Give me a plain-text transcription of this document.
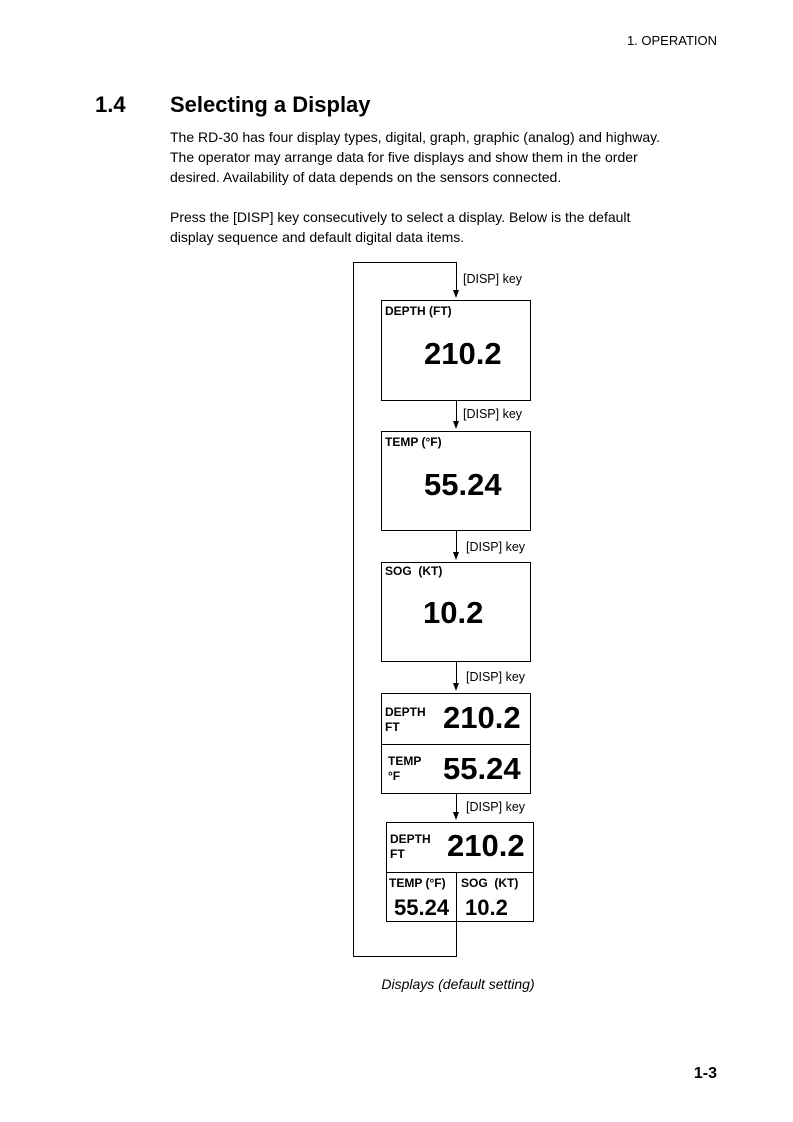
1. OPERATION
1.4 Selecting a Display
The RD-30 has four display types, digital, graph, graphic (analog) and highway.
The operator may arrange data for five displays and show them in the order
desired. Availability of data depends on the sensors connected.
Press the [DISP] key consecutively to select a display. Below is the default
display sequence and default digital data items.
[DISP] key
DEPTH (FT)
210.2
[DISP] key
TEMP (°F)
55.24
[DISP] key
SOG  (KT)
10.2
[DISP] key
DEPTH
FT 210.2
TEMP
°F 55.24
[DISP] key
DEPTH
FT 210.2
TEMP (°F)
55.24
SOG  (KT)
10.2
Displays (default setting)
1-3
